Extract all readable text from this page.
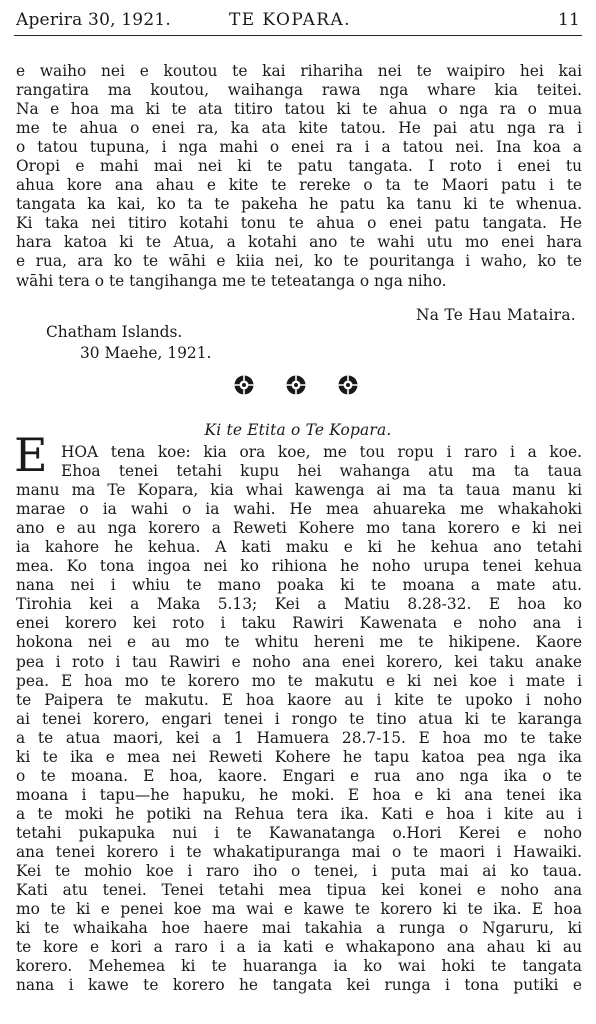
Aperira 30, 1921.	TE KOPARA.	11
e waiho nei e koutou te kai rihariha nei te waipiro hei kai
rangatira ma koutou, waihanga rawa nga whare kia teitei.
Na e hoa ma ki te ata titiro tatou ki te ahua o nga ra o mua
me te ahua o enei ra, ka ata kite tatou. He pai atu nga ra i
o tatou tupuna, i nga mahi o enei ra i a tatou nei. Ina koa a
Oropi e mahi mai nei ki te patu tangata. I roto i enei tu
ahua kore ana ahau e kite te rereke o ta te Maori patu i te
tangata ka kai, ko ta te pakeha he patu ka tanu ki te whenua.
Ki taka nei titiro kotahi tonu te ahua o enei patu tangata. He
hara katoa ki te Atua, a kotahi ano te wahi utu mo enei hara
e rua, ara ko te wāhi e kiia nei, ko te pouritanga i waho, ko te
wāhi tera o te tangihanga me te teteatanga o nga niho.
Na Te Hau Mataira.
Chatham Islands.
30 Maehe, 1921.
Ki te Etita o Te Kopara.
E HOA tena koe: kia ora koe, me tou ropu i raro i a koe.
Ehoa tenei tetahi kupu hei wahanga atu ma ta taua
manu ma Te Kopara, kia whai kawenga ai ma ta taua manu ki
marae o ia wahi o ia wahi. He mea ahuareka me whakahoki
ano e au nga korero a Reweti Kohere mo tana korero e ki nei
ia kahore he kehua. A kati maku e ki he kehua ano tetahi
mea. Ko tona ingoa nei ko rihiona he noho urupa tenei kehua
nana nei i whiu te mano poaka ki te moana a mate atu.
Tirohia kei a Maka 5.13; Kei a Matiu 8.28-32. E hoa ko
enei korero kei roto i taku Rawiri Kawenata e noho ana i
hokona nei e au mo te whitu hereni me te hikipene. Kaore
pea i roto i tau Rawiri e noho ana enei korero, kei taku anake
pea. E hoa mo te korero mo te makutu e ki nei koe i mate i
te Paipera te makutu. E hoa kaore au i kite te upoko i noho
ai tenei korero, engari tenei i rongo te tino atua ki te karanga
a te atua maori, kei a 1 Hamuera 28.7-15. E hoa mo te take
ki te ika e mea nei Reweti Kohere he tapu katoa pea nga ika
o te moana. E hoa, kaore. Engari e rua ano nga ika o te
moana i tapu—he hapuku, he moki. E hoa e ki ana tenei ika
a te moki he potiki na Rehua tera ika. Kati e hoa i kite au i
tetahi pukapuka nui i te Kawanatanga o.Hori Kerei e noho
ana tenei korero i te whakatipuranga mai o te maori i Hawaiki.
Kei te mohio koe i raro iho o tenei, i puta mai ai ko taua.
Kati atu tenei. Tenei tetahi mea tipua kei konei e noho ana
mo te ki e penei koe ma wai e kawe te korero ki te ika. E hoa
ki te whaikaha hoe haere mai takahia a runga o Ngaruru, ki
te kore e kori a raro i a ia kati e whakapono ana ahau ki au
korero. Mehemea ki te huaranga ia ko wai hoki te tangata
nana i kawe te korero he tangata kei runga i tona putiki e
